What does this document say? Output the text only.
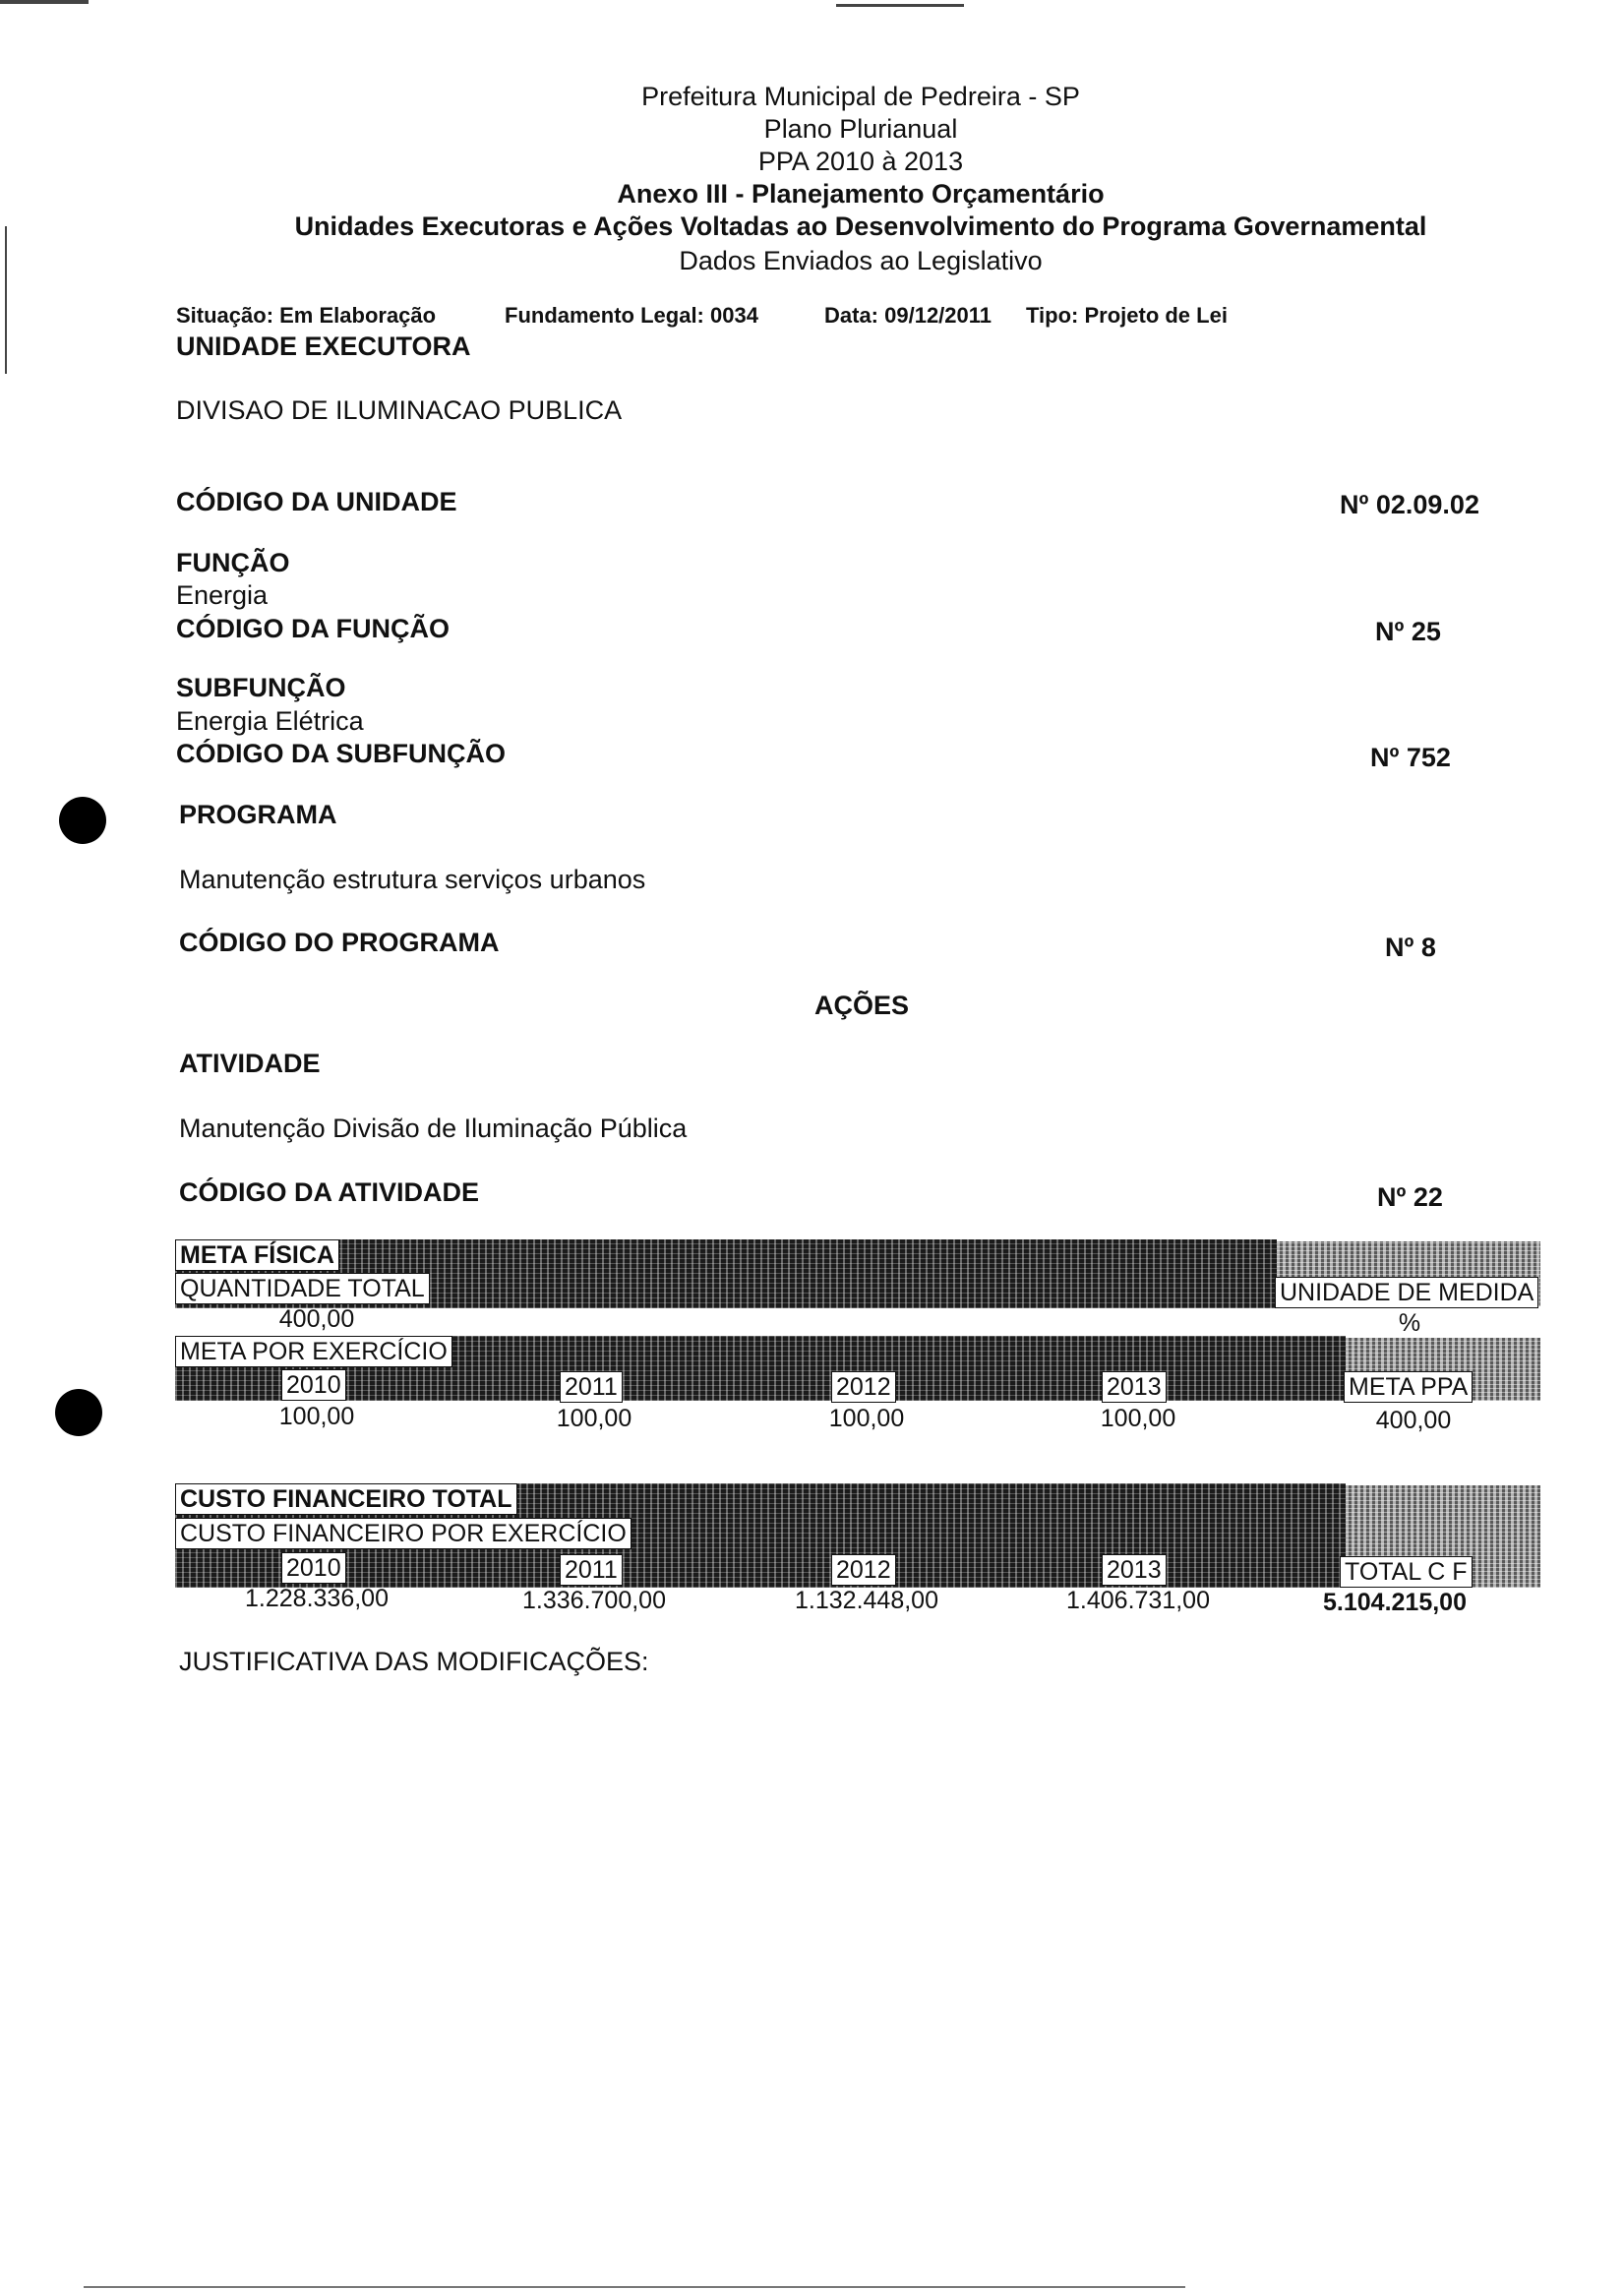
Prefeitura Municipal de Pedreira - SP
Plano Plurianual
PPA 2010 à 2013
Anexo III - Planejamento Orçamentário
Unidades Executoras e Ações Voltadas ao Desenvolvimento do Programa Governamental
Dados Enviados ao Legislativo
Situação: Em Elaboração	Fundamento Legal: 0034	Data: 09/12/2011 Tipo: Projeto de Lei
UNIDADE EXECUTORA
DIVISAO DE ILUMINACAO PUBLICA
CÓDIGO DA UNIDADE	Nº 02.09.02
FUNÇÃO
Energia
CÓDIGO DA FUNÇÃO	Nº 25
SUBFUNÇÃO
Energia Elétrica
CÓDIGO DA SUBFUNÇÃO	Nº 752
PROGRAMA
Manutenção estrutura serviços urbanos
CÓDIGO DO PROGRAMA	Nº 8
AÇÕES
ATIVIDADE
Manutenção Divisão de Iluminação Pública
CÓDIGO DA ATIVIDADE	Nº 22
META FÍSICA
QUANTIDADE TOTAL	UNIDADE DE MEDIDA
400,00	%
META POR EXERCÍCIO
2010	2011	2012	2013	META PPA
100,00	100,00	100,00	100,00	400,00
CUSTO FINANCEIRO TOTAL
CUSTO FINANCEIRO POR EXERCÍCIO
2010	2011	2012	2013	TOTAL C F
1.228.336,00	1.336.700,00	1.132.448,00	1.406.731,00	5.104.215,00
JUSTIFICATIVA DAS MODIFICAÇÕES:
